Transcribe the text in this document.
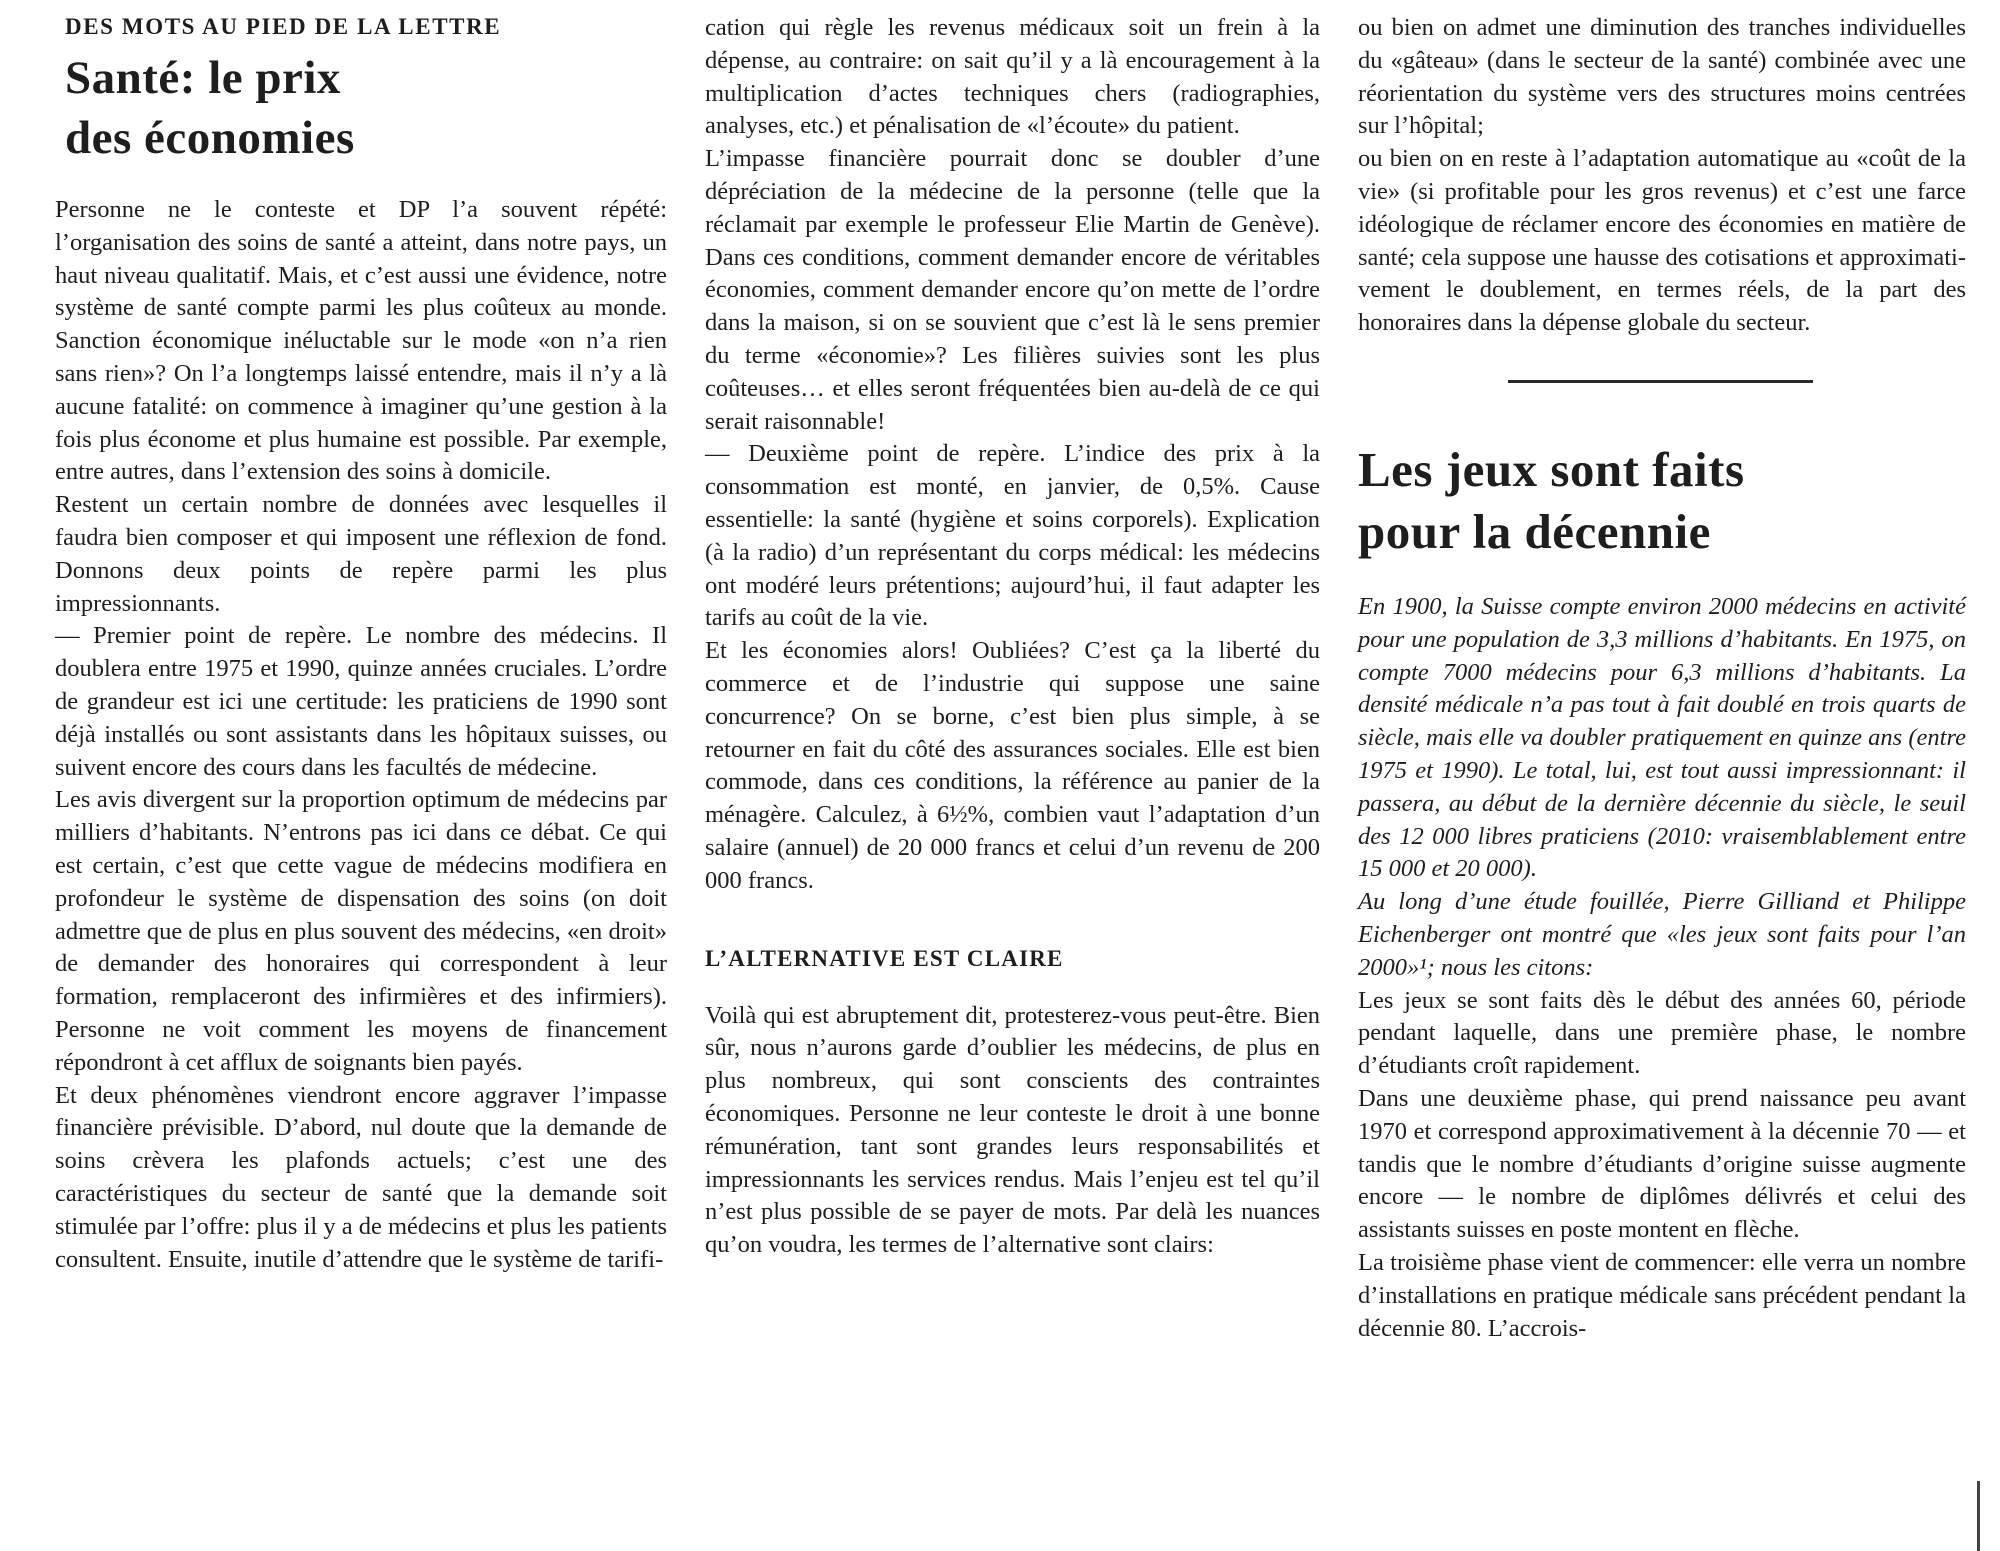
DES MOTS AU PIED DE LA LETTRE
Santé: le prix
des économies

Personne ne le conteste et DP l’a souvent répété: l’organisation des soins de santé a atteint, dans notre pays, un haut niveau qualitatif. Mais, et c’est aussi une évidence, notre système de santé compte parmi les plus coûteux au monde. Sanction économique inéluctable sur le mode «on n’a rien sans rien»? On l’a longtemps laissé entendre, mais il n’y a là aucune fatalité: on commence à imaginer qu’une gestion à la fois plus économe et plus humaine est possible. Par exemple, entre autres, dans l’extension des soins à domicile.

Restent un certain nombre de données avec lesquelles il faudra bien composer et qui imposent une réflexion de fond. Donnons deux points de repère parmi les plus impressionnants.

— Premier point de repère. Le nombre des médecins. Il doublera entre 1975 et 1990, quinze années cruciales. L’ordre de grandeur est ici une certitude: les praticiens de 1990 sont déjà installés ou sont assistants dans les hôpitaux suisses, ou suivent encore des cours dans les facultés de médecine.

Les avis divergent sur la proportion optimum de médecins par milliers d’habitants. N’entrons pas ici dans ce débat. Ce qui est certain, c’est que cette vague de médecins modifiera en profondeur le système de dispensation des soins (on doit admettre que de plus en plus souvent des médecins, «en droit» de demander des honoraires qui correspondent à leur formation, remplaceront des infirmières et des infirmiers). Personne ne voit comment les moyens de financement répondront à cet afflux de soignants bien payés.

Et deux phénomènes viendront encore aggraver l’impasse financière prévisible. D’abord, nul doute que la demande de soins crèvera les plafonds actuels; c’est une des caractéristiques du secteur de santé que la demande soit stimulée par l’offre: plus il y a de médecins et plus les patients consultent. Ensuite, inutile d’attendre que le système de tarifi-

cation qui règle les revenus médicaux soit un frein à la dépense, au contraire: on sait qu’il y a là encouragement à la multiplication d’actes techniques chers (radiographies, analyses, etc.) et pénalisation de «l’écoute» du patient.

L’impasse financière pourrait donc se doubler d’une dépréciation de la médecine de la personne (telle que la réclamait par exemple le professeur Elie Martin de Genève). Dans ces conditions, comment demander encore de véritables économies, comment demander encore qu’on mette de l’ordre dans la maison, si on se souvient que c’est là le sens premier du terme «économie»? Les filières suivies sont les plus coûteuses… et elles seront fréquentées bien au-delà de ce qui serait raisonnable!

— Deuxième point de repère. L’indice des prix à la consommation est monté, en janvier, de 0,5%. Cause essentielle: la santé (hygiène et soins corporels). Explication (à la radio) d’un représentant du corps médical: les médecins ont modéré leurs prétentions; aujourd’hui, il faut adapter les tarifs au coût de la vie.

Et les économies alors! Oubliées? C’est ça la liberté du commerce et de l’industrie qui suppose une saine concurrence? On se borne, c’est bien plus simple, à se retourner en fait du côté des assurances sociales. Elle est bien commode, dans ces conditions, la référence au panier de la ménagère. Calculez, à 6½%, combien vaut l’adaptation d’un salaire (annuel) de 20 000 francs et celui d’un revenu de 200 000 francs.

L’ALTERNATIVE EST CLAIRE

Voilà qui est abruptement dit, protesterez-vous peut-être. Bien sûr, nous n’aurons garde d’oublier les médecins, de plus en plus nombreux, qui sont conscients des contraintes économiques. Personne ne leur conteste le droit à une bonne rémunération, tant sont grandes leurs responsabilités et impressionnants les services rendus. Mais l’enjeu est tel qu’il n’est plus possible de se payer de mots. Par delà les nuances qu’on voudra, les termes de l’alternative sont clairs:

ou bien on admet une diminution des tranches individuelles du «gâteau» (dans le secteur de la santé) combinée avec une réorientation du système vers des structures moins centrées sur l’hôpital;

ou bien on en reste à l’adaptation automatique au «coût de la vie» (si profitable pour les gros revenus) et c’est une farce idéologique de réclamer encore des économies en matière de santé; cela suppose une hausse des cotisations et approximativement le doublement, en termes réels, de la part des honoraires dans la dépense globale du secteur.

Les jeux sont faits
pour la décennie

En 1900, la Suisse compte environ 2000 médecins en activité pour une population de 3,3 millions d’habitants. En 1975, on compte 7000 médecins pour 6,3 millions d’habitants. La densité médicale n’a pas tout à fait doublé en trois quarts de siècle, mais elle va doubler pratiquement en quinze ans (entre 1975 et 1990). Le total, lui, est tout aussi impressionnant: il passera, au début de la dernière décennie du siècle, le seuil des 12 000 libres praticiens (2010: vraisemblablement entre 15 000 et 20 000).

Au long d’une étude fouillée, Pierre Gilliand et Philippe Eichenberger ont montré que «les jeux sont faits pour l’an 2000»¹; nous les citons:

Les jeux se sont faits dès le début des années 60, période pendant laquelle, dans une première phase, le nombre d’étudiants croît rapidement.

Dans une deuxième phase, qui prend naissance peu avant 1970 et correspond approximativement à la décennie 70 — et tandis que le nombre d’étudiants d’origine suisse augmente encore — le nombre de diplômes délivrés et celui des assistants suisses en poste montent en flèche.

La troisième phase vient de commencer: elle verra un nombre d’installations en pratique médicale sans précédent pendant la décennie 80. L’accrois-
